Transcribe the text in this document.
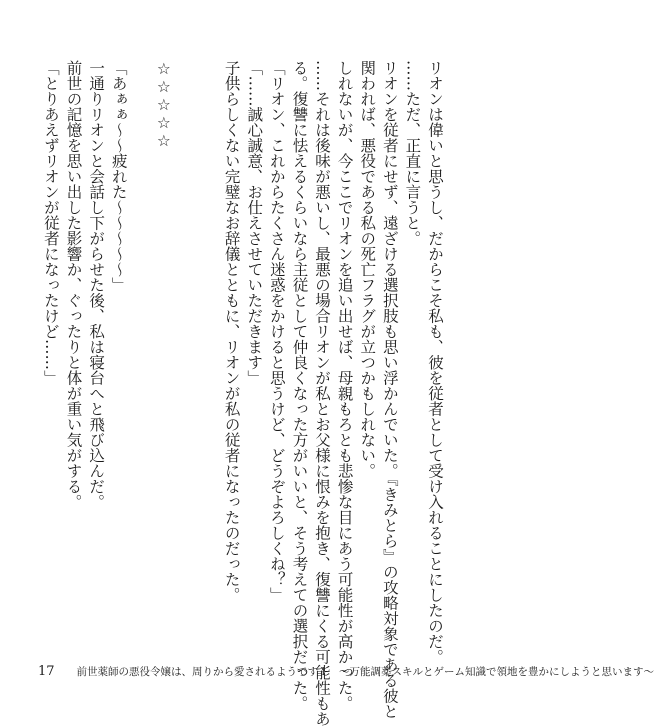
リオンは偉いと思うし、だからこそ私も、彼を従者として受け入れることにしたのだ。

……ただ、正直に言うと。

リオンを従者にせず、遠ざける選択肢も思い浮かんでいた。『きみとら』の攻略対象である彼と

関われば、悪役である私の死亡フラグが立つかもしれない。

しれないが、今ここでリオンを追い出せば、母親もろとも悲惨な目にあう可能性が高かった。

……それは後味が悪いし、最悪の場合リオンが私とお父様に恨みを抱き、復讐にくる可能性もあ

る。復讐に怯えるくらいなら主従として仲良くなった方がいいと、そう考えての選択だった。

「リオン、これからたくさん迷惑をかけると思うけど、どうぞよろしくね？」

「……誠心誠意、お仕えさせていただきます」

子供らしくない完璧なお辞儀とともに、リオンが私の従者になったのだった。

☆☆☆☆☆

「あぁぁ～～疲れた～～～～～」

一通りリオンと会話し下がらせた後、私は寝台へと飛び込んだ。

前世の記憶を思い出した影響か、ぐったりと体が重い気がする。

「とりあえずリオンが従者になったけど……」

17 前世薬師の悪役令嬢は、周りから愛されるようです１　～万能調薬スキルとゲーム知識で領地を豊かにしようと思います～
